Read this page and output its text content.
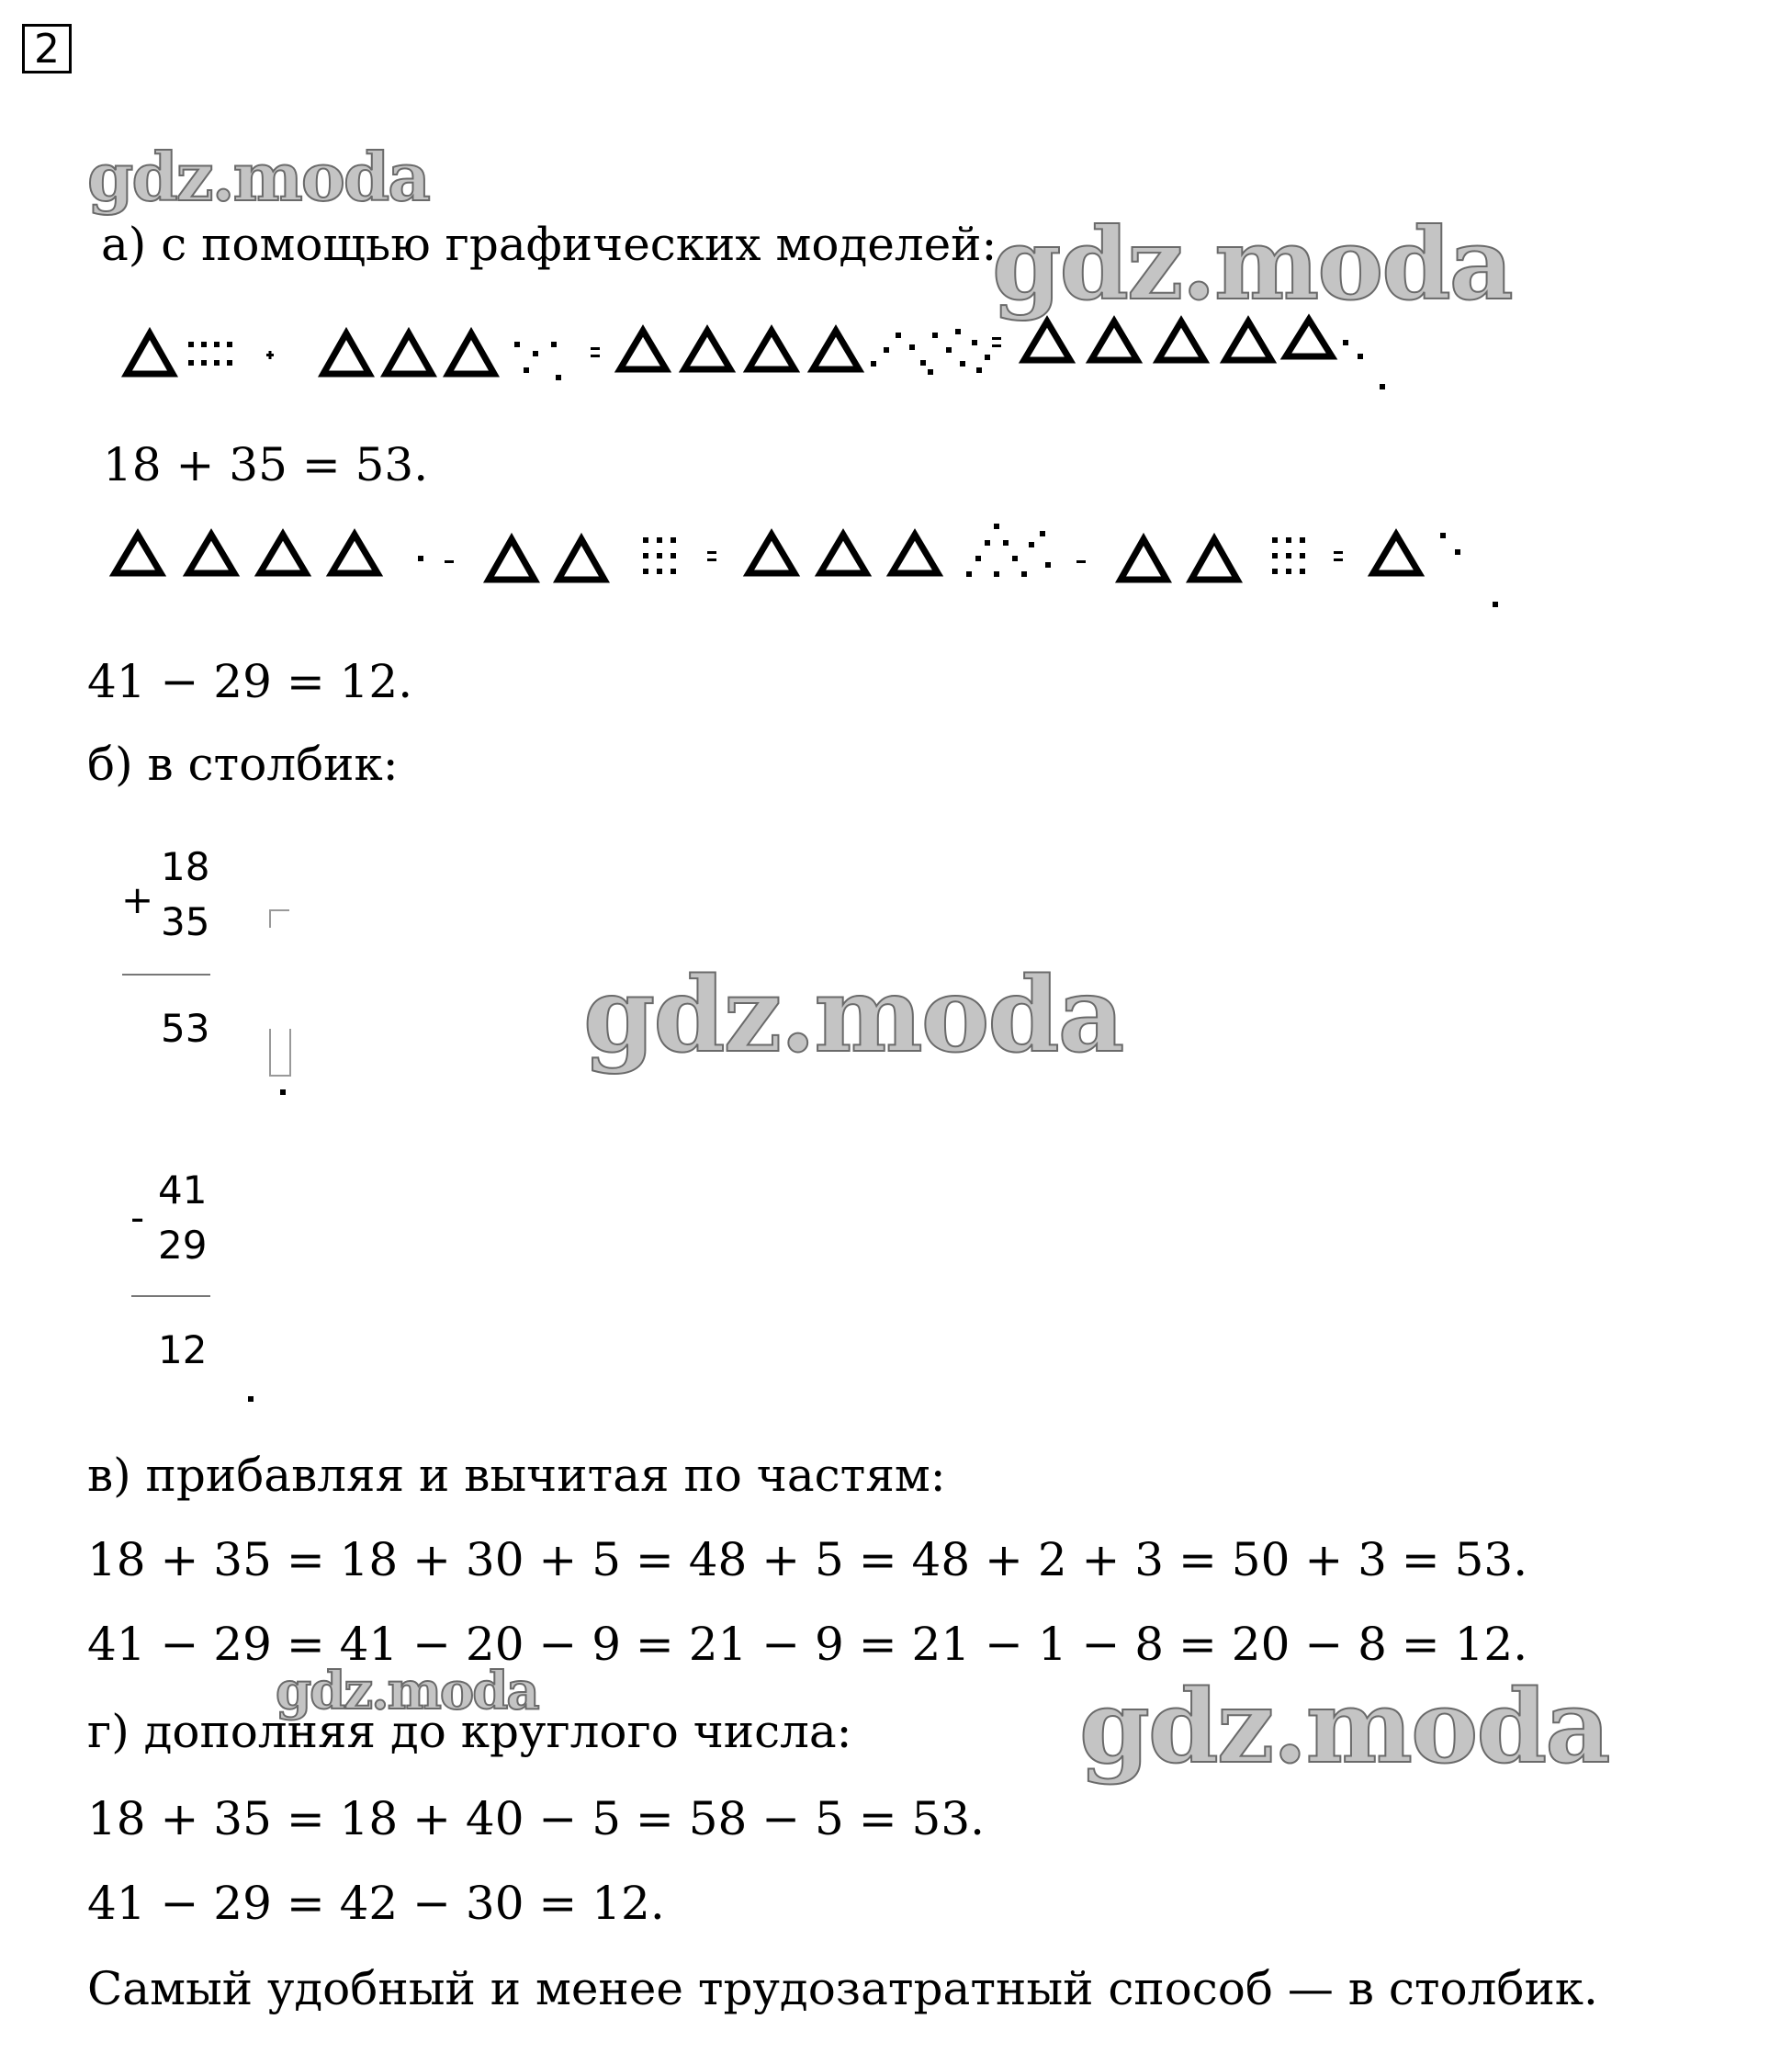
2
gdz.moda
gdz.moda
gdz.moda
gdz.moda	gdz.moda
а) с помощью графических моделей:
18 + 35 = 53.
41 − 29 = 12.
б) в столбик:
+
18
35
53
-
41
29
12
в) прибавляя и вычитая по частям:
18 + 35 = 18 + 30 + 5 = 48 + 5 = 48 + 2 + 3 = 50 + 3 = 53.
41 − 29 = 41 − 20 − 9 = 21 − 9 = 21 − 1 − 8 = 20 − 8 = 12.
г) дополняя до круглого числа:
18 + 35 = 18 + 40 − 5 = 58 − 5 = 53.
41 − 29 = 42 − 30 = 12.
Самый удобный и менее трудозатратный способ — в столбик.
